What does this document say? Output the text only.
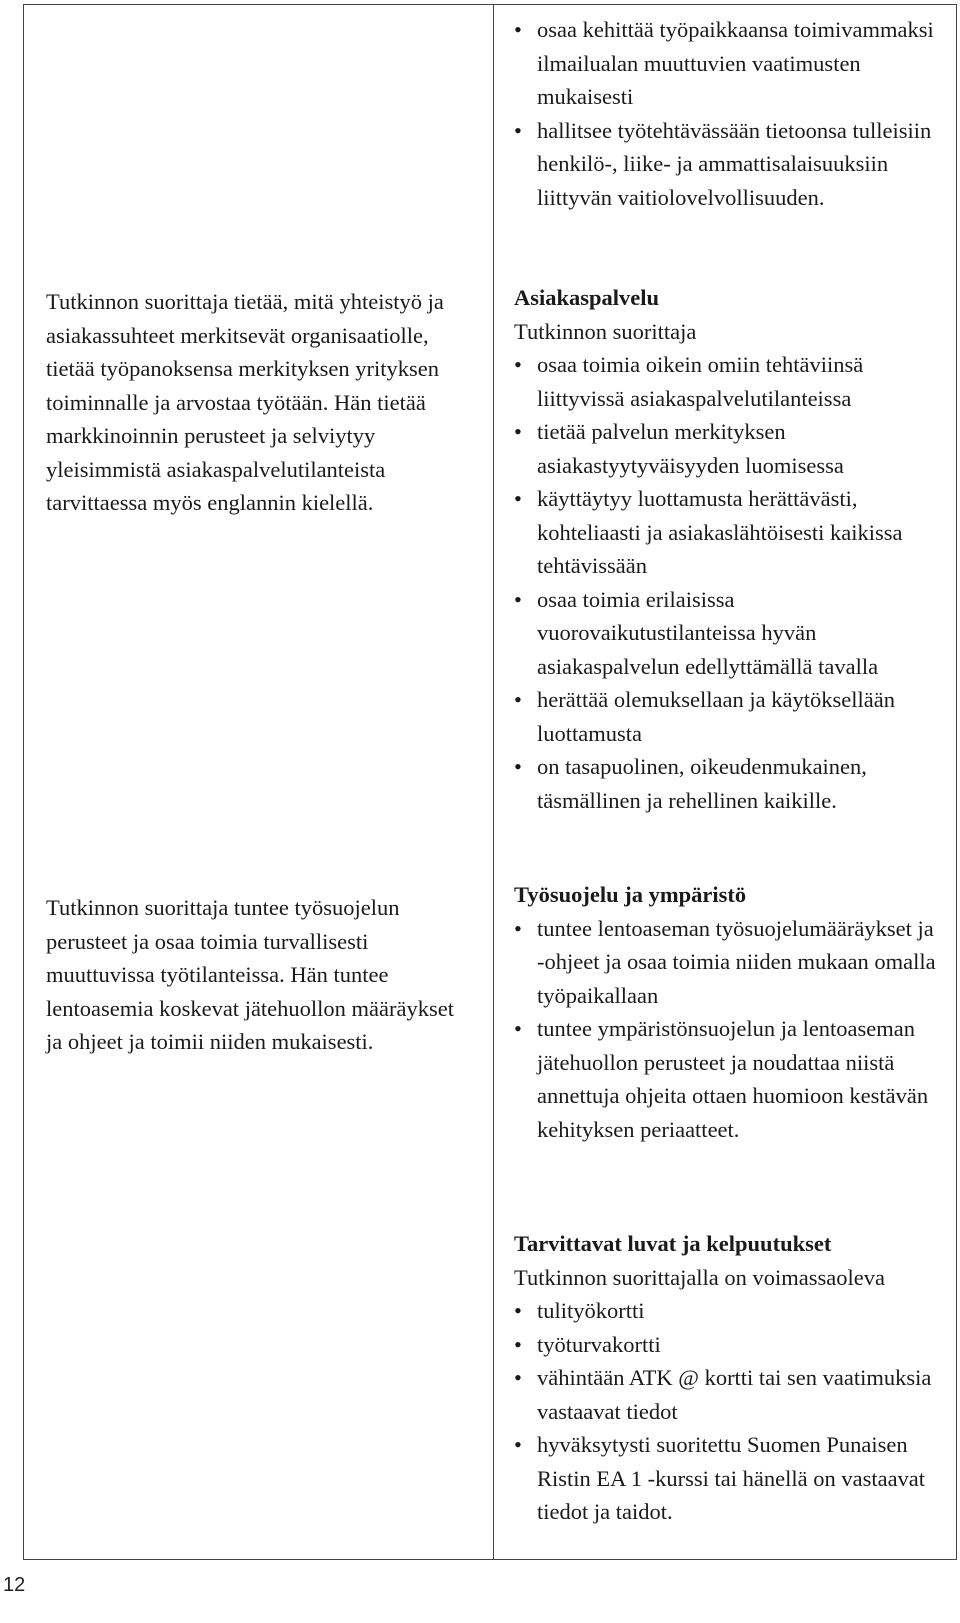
Tutkinnon suorittaja tietää, mitä yhteistyö ja asiakassuhteet merkitsevät organisaatiolle, tietää työpanoksensa merkityksen yrityksen toiminnalle ja arvostaa työtään. Hän tietää markkinoinnin perusteet ja selviytyy yleisimmistä asiakaspalvelutilanteista tarvittaessa myös englannin kielellä.

Tutkinnon suorittaja tuntee työsuojelun perusteet ja osaa toimia turvallisesti muuttuvissa työtilanteissa. Hän tuntee lentoasemia koskevat jätehuollon määräykset ja ohjeet ja toimii niiden mukaisesti.

• osaa kehittää työpaikkaansa toimivammaksi ilmailualan muuttuvien vaatimusten mukaisesti
• hallitsee työtehtävässään tietoonsa tulleisiin henkilö-, liike- ja ammattisalaisuuksiin liittyvän vaitiolovelvollisuuden.

Asiakaspalvelu

Tutkinnon suorittaja

• osaa toimia oikein omiin tehtäviinsä liittyvissä asiakaspalvelutilanteissa
• tietää palvelun merkityksen asiakastyytyväisyyden luomisessa
• käyttäytyy luottamusta herättävästi, kohteliaasti ja asiakaslähtöisesti kaikissa tehtävissään
• osaa toimia erilaisissa vuorovaikutustilanteissa hyvän asiakaspalvelun edellyttämällä tavalla
• herättää olemuksellaan ja käytöksellään luottamusta
• on tasapuolinen, oikeudenmukainen, täsmällinen ja rehellinen kaikille.

Työsuojelu ja ympäristö

• tuntee lentoaseman työsuojelumääräykset ja -ohjeet ja osaa toimia niiden mukaan omalla työpaikallaan
• tuntee ympäristönsuojelun ja lentoaseman jätehuollon perusteet ja noudattaa niistä annettuja ohjeita ottaen huomioon kestävän kehityksen periaatteet.

Tarvittavat luvat ja kelpuutukset

Tutkinnon suorittajalla on voimassaoleva

• tulityökortti
• työturvakortti
• vähintään ATK @ kortti tai sen vaatimuksia vastaavat tiedot
• hyväksytysti suoritettu Suomen Punaisen Ristin EA 1 -kurssi tai hänellä on vastaavat tiedot ja taidot.
12
